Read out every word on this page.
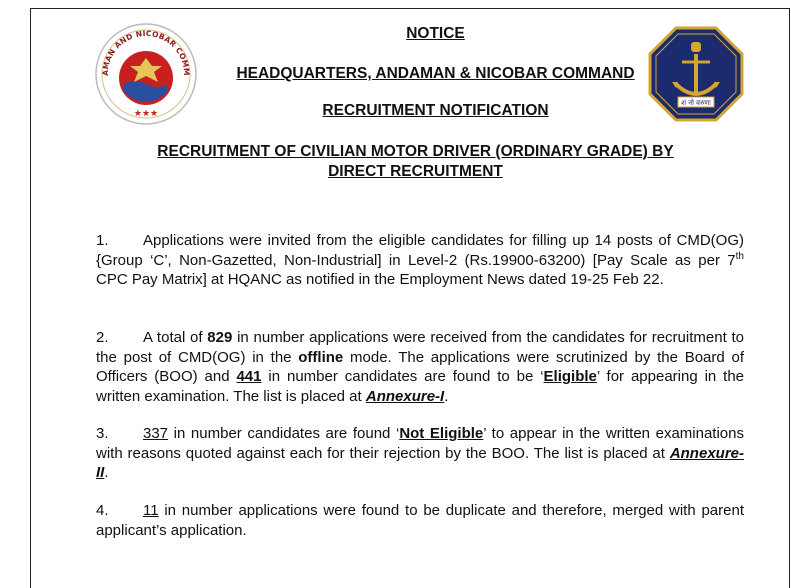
AMAN AND NICOBAR COMM
★★★
शं नो वरुणः
NOTICE
HEADQUARTERS, ANDAMAN & NICOBAR COMMAND
RECRUITMENT NOTIFICATION
RECRUITMENT OF CIVILIAN MOTOR DRIVER (ORDINARY GRADE) BY
DIRECT RECRUITMENT
1. Applications were invited from the eligible candidates for filling up 14 posts of CMD(OG) {Group ‘C’, Non-Gazetted, Non-Industrial] in Level-2 (Rs.19900-63200) [Pay Scale as per 7th CPC Pay Matrix] at HQANC as notified in the Employment News dated 19-25 Feb 22.
2. A total of 829 in number applications were received from the candidates for recruitment to the post of CMD(OG) in the offline mode. The applications were scrutinized by the Board of Officers (BOO) and 441 in number candidates are found to be ‘Eligible’ for appearing in the written examination. The list is placed at Annexure-I.
3. 337 in number candidates are found ‘Not Eligible’ to appear in the written examinations with reasons quoted against each for their rejection by the BOO. The list is placed at Annexure-II.
4. 11 in number applications were found to be duplicate and therefore, merged with parent applicant’s application.
